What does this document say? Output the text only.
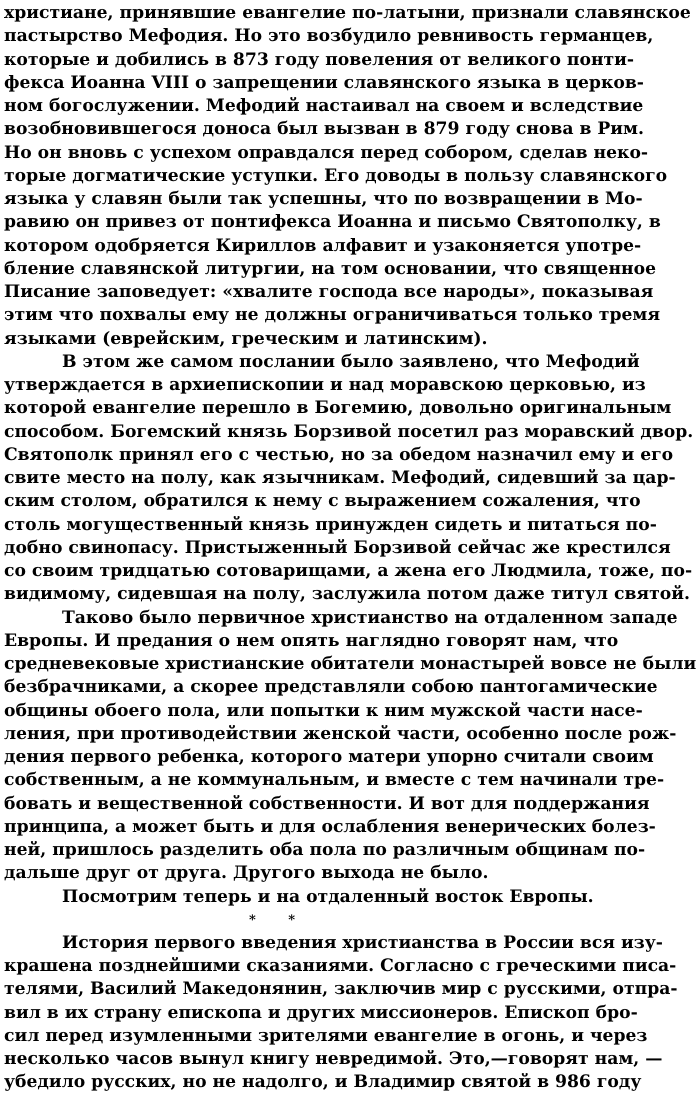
христиане, принявшие евангелие по-латыни, признали славянское
пастырство Мефодия. Но это возбудило ревнивость германцев,
которые и добились в 873 году повеления от великого понти-
фекса Иоанна VIII о запрещении славянского языка в церков-
ном богослужении. Мефодий настаивал на своем и вследствие
возобновившегося доноса был вызван в 879 году снова в Рим.
Но он вновь с успехом оправдался перед собором, сделав неко-
торые догматические уступки. Его доводы в пользу славянского
языка у славян были так успешны, что по возвращении в Мо-
равию он привез от понтифекса Иоанна и письмо Святополку, в
котором одобряется Кириллов алфавит и узаконяется употре-
бление славянской литургии, на том основании, что священное
Писание заповедует: «хвалите господа все народы», показывая
этим что похвалы ему не должны ограничиваться только тремя
языками (еврейским, греческим и латинским).
В этом же самом послании было заявлено, что Мефодий
утверждается в архиепископии и над моравскою церковью, из
которой евангелие перешло в Богемию, довольно оригинальным
способом. Богемский князь Борзивой посетил раз моравский двор.
Святополк принял его с честью, но за обедом назначил ему и его
свите место на полу, как язычникам. Мефодий, сидевший за цар-
ским столом, обратился к нему с выражением сожаления, что
столь могущественный князь принужден сидеть и питаться по-
добно свинопасу. Пристыженный Борзивой сейчас же крестился
со своим тридцатью сотоварищами, а жена его Людмила, тоже, по-
видимому, сидевшая на полу, заслужила потом даже титул святой.
Таково было первичное христианство на отдаленном западе
Европы. И предания о нем опять наглядно говорят нам, что
средневековые христианские обитатели монастырей вовсе не были
безбрачниками, а скорее представляли собою пантогамические
общины обоего пола, или попытки к ним мужской части насе-
ления, при противодействии женской части, особенно после рож-
дения первого ребенка, которого матери упорно считали своим
собственным, а не коммунальным, и вместе с тем начинали тре-
бовать и вещественной собственности. И вот для поддержания
принципа, а может быть и для ослабления венерических болез-
ней, пришлось разделить оба пола по различным общинам по-
дальше друг от друга. Другого выхода не было.
Посмотрим теперь и на отдаленный восток Европы.
* *
История первого введения христианства в России вся изу-
крашена позднейшими сказаниями. Согласно с греческими писа-
телями, Василий Македонянин, заключив мир с русскими, отпра-
вил в их страну епископа и других миссионеров. Епископ бро-
сил перед изумленными зрителями евангелие в огонь, и через
несколько часов вынул книгу невредимой. Это,—говорят нам, —
убедило русских, но не надолго, и Владимир святой в 986 году
